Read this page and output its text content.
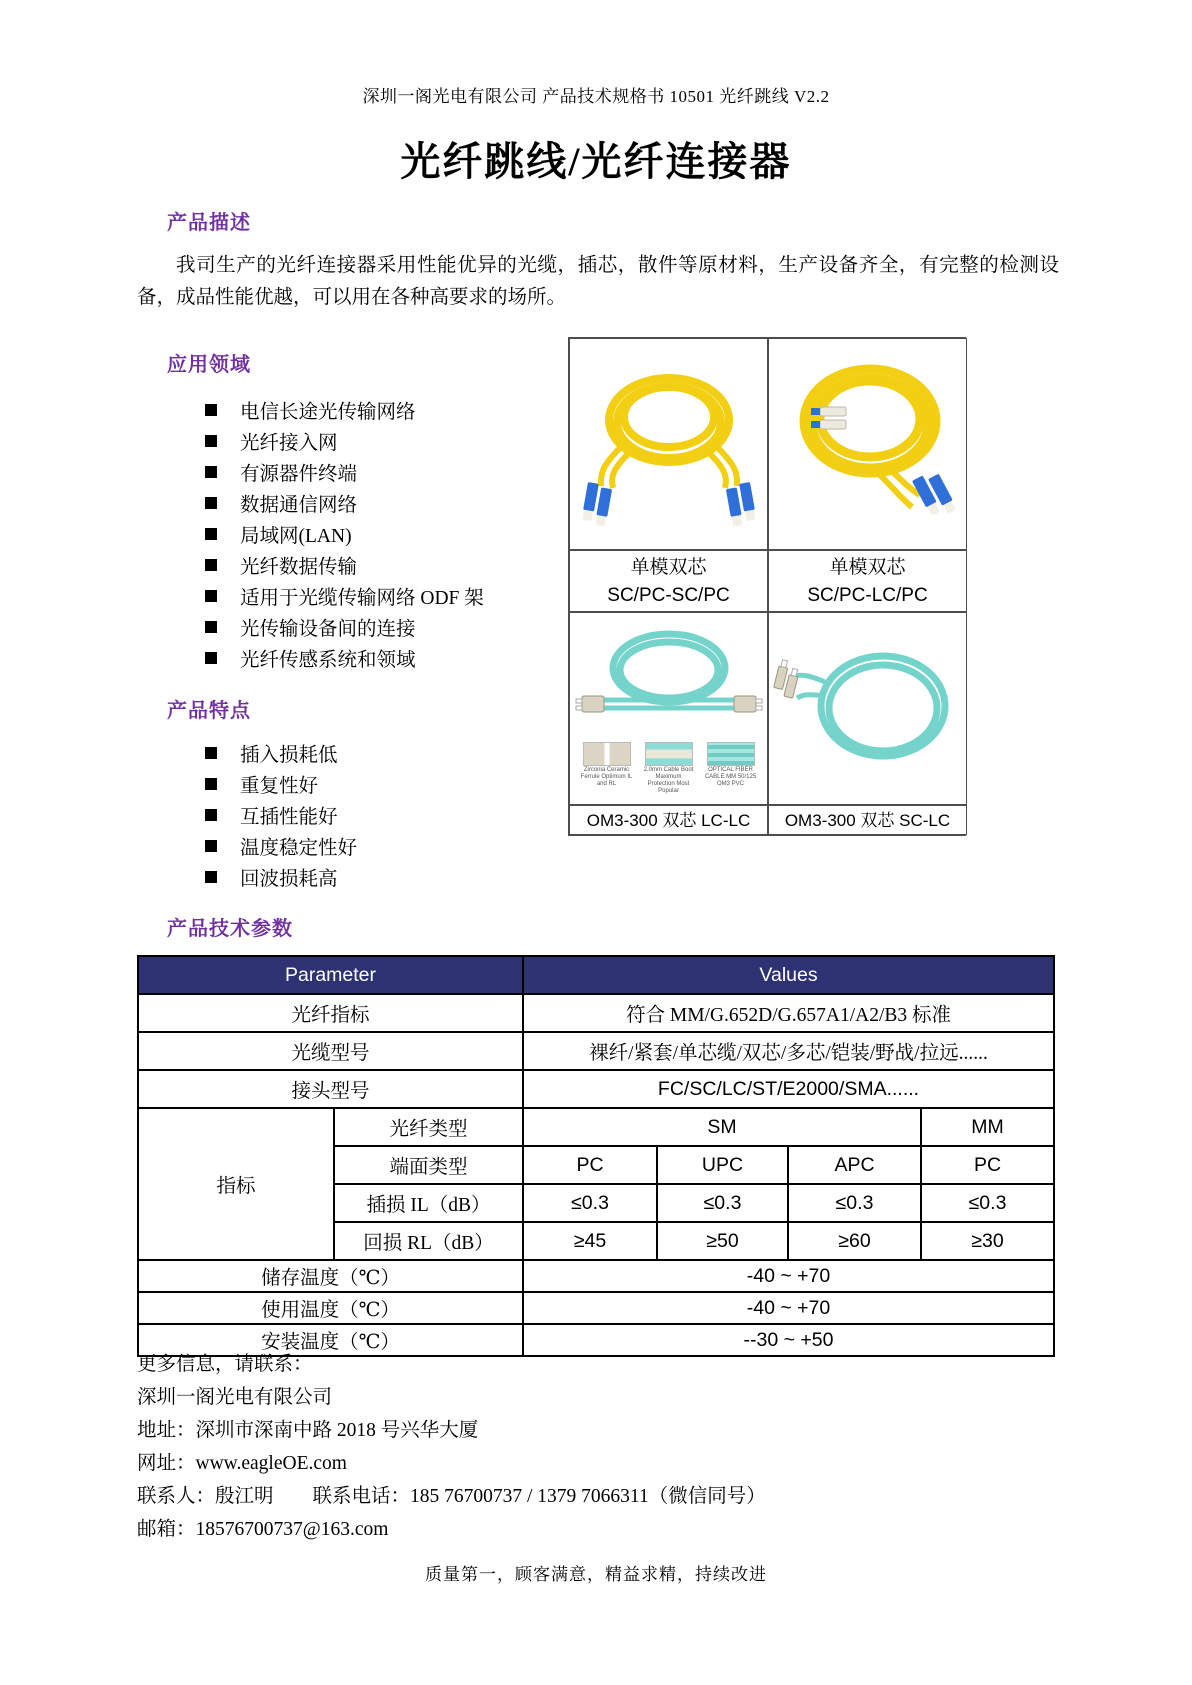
深圳一阁光电有限公司 产品技术规格书 10501 光纤跳线 V2.2
光纤跳线/光纤连接器
产品描述
我司生产的光纤连接器采用性能优异的光缆，插芯，散件等原材料，生产设备齐全，有完整的检测设备，成品性能优越，可以用在各种高要求的场所。
应用领域
电信长途光传输网络
光纤接入网
有源器件终端
数据通信网络
局域网(LAN)
光纤数据传输
适用于光缆传输网络 ODF 架
光传输设备间的连接
光纤传感系统和领域
产品特点
插入损耗低
重复性好
互插性能好
温度稳定性好
回波损耗高
单模双芯
SC/PC-SC/PC
单模双芯
SC/PC-LC/PC
Zirconia Ceramic Ferrule Optimum IL and RL
2.0mm Cable Boot Maximum Protection Most Popular
OPTICAL FIBER CABLE MM 50/125 OM3 PVC
OM3-300 双芯 LC-LC	OM3-300 双芯 SC-LC
产品技术参数
Parameter		Values			
光纤指标		符合 MM/G.652D/G.657A1/A2/B3 标准			
光缆型号		裸纤/紧套/单芯缆/双芯/多芯/铠装/野战/拉远......			
接头型号		FC/SC/LC/ST/E2000/SMA......			
指标	光纤类型	SM			MM
	端面类型	PC	UPC	APC	PC
	插损 IL（dB）	≤0.3	≤0.3	≤0.3	≤0.3
	回损 RL（dB）	≥45	≥50	≥60	≥30
储存温度（℃）		-40 ~ +70			
使用温度（℃）		-40 ~ +70			
安装温度（℃）		--30 ~ +50			
更多信息，请联系：
深圳一阁光电有限公司
地址：深圳市深南中路 2018 号兴华大厦
网址：www.eagleOE.com
联系人：殷江明　　联系电话：185 76700737 / 1379 7066311（微信同号）
邮箱：18576700737@163.com
质量第一，顾客满意，精益求精，持续改进
